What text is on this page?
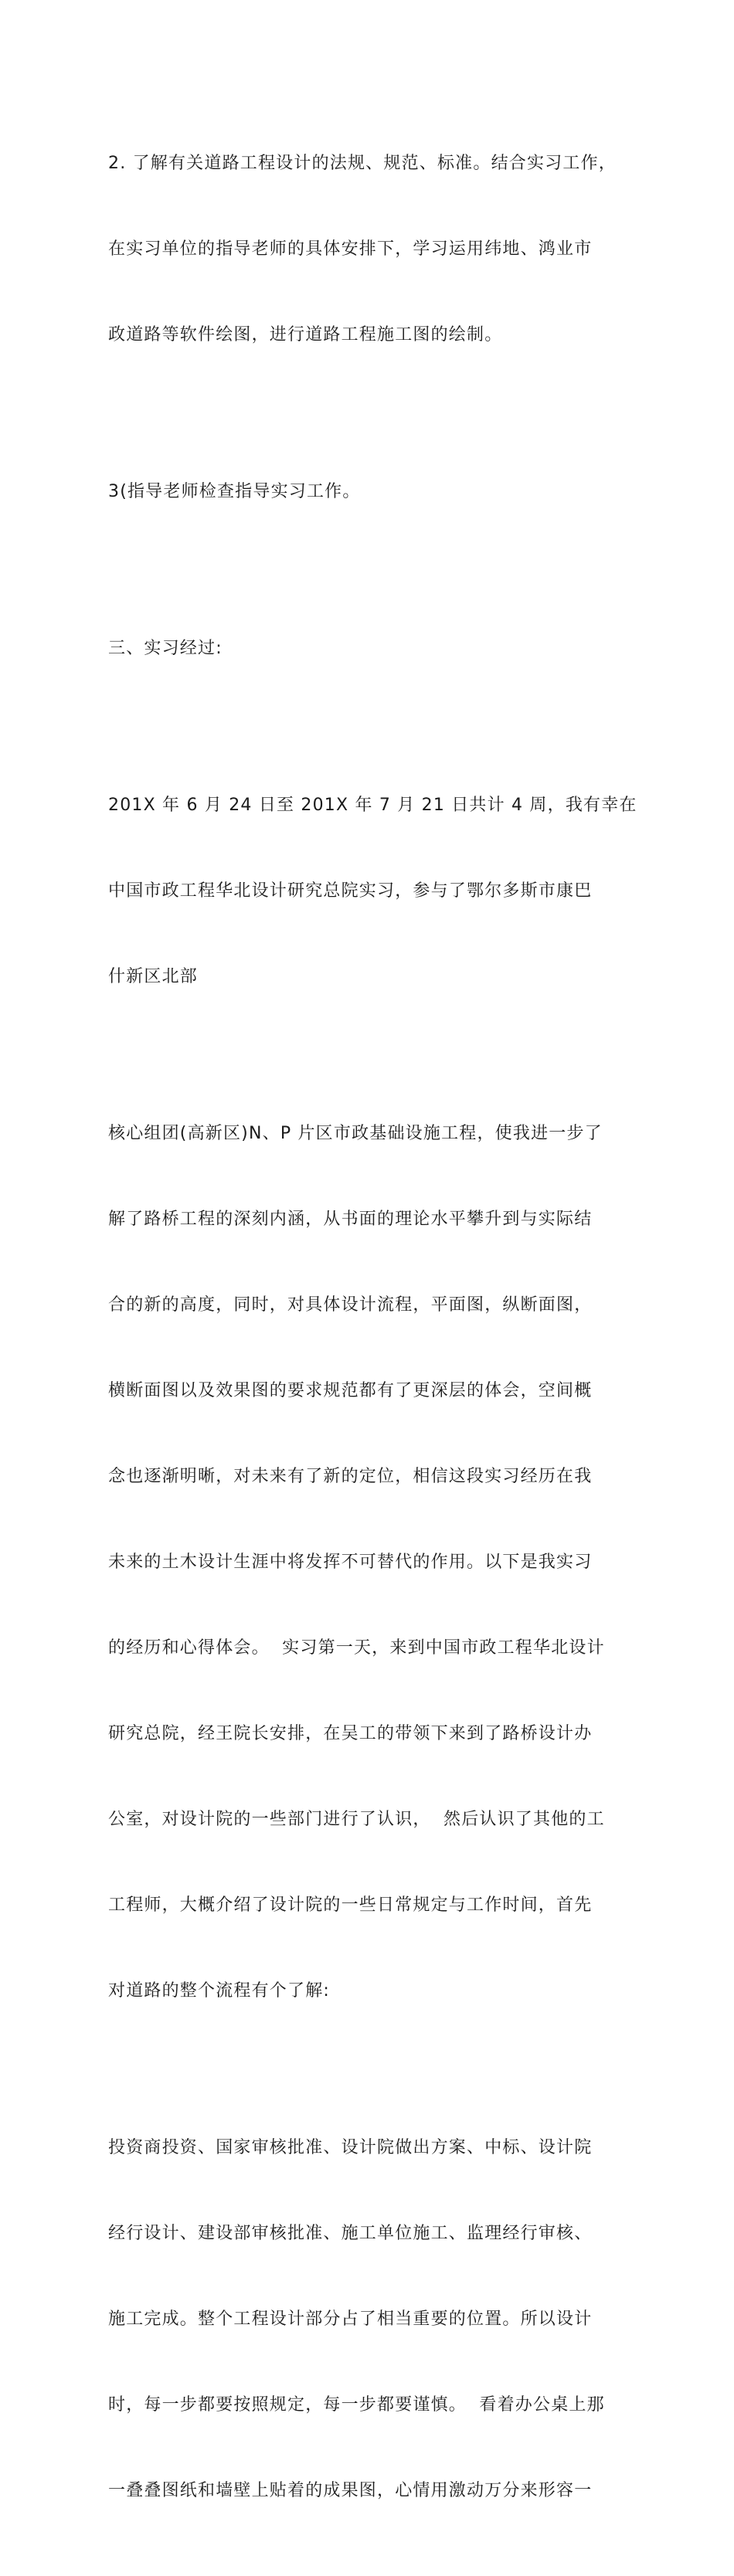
2. 了解有关道路工程设计的法规、规范、标准。结合实习工作，

在实习单位的指导老师的具体安排下，学习运用纬地、鸿业市

政道路等软件绘图，进行道路工程施工图的绘制。

3(指导老师检查指导实习工作。

三、实习经过:

201X 年 6 月 24 日至 201X 年 7 月 21 日共计 4 周，我有幸在

中国市政工程华北设计研究总院实习，参与了鄂尔多斯市康巴

什新区北部

核心组团(高新区)N、P 片区市政基础设施工程，使我进一步了

解了路桥工程的深刻内涵，从书面的理论水平攀升到与实际结

合的新的高度，同时，对具体设计流程，平面图，纵断面图，

横断面图以及效果图的要求规范都有了更深层的体会，空间概

念也逐渐明晰，对未来有了新的定位，相信这段实习经历在我

未来的土木设计生涯中将发挥不可替代的作用。以下是我实习

的经历和心得体会。  实习第一天，来到中国市政工程华北设计

研究总院，经王院长安排，在吴工的带领下来到了路桥设计办

公室，对设计院的一些部门进行了认识，  然后认识了其他的工

工程师，大概介绍了设计院的一些日常规定与工作时间，首先

对道路的整个流程有个了解:

投资商投资、国家审核批准、设计院做出方案、中标、设计院

经行设计、建设部审核批准、施工单位施工、监理经行审核、

施工完成。整个工程设计部分占了相当重要的位置。所以设计

时，每一步都要按照规定，每一步都要谨慎。  看着办公桌上那

一叠叠图纸和墙壁上贴着的成果图，心情用激动万分来形容一
